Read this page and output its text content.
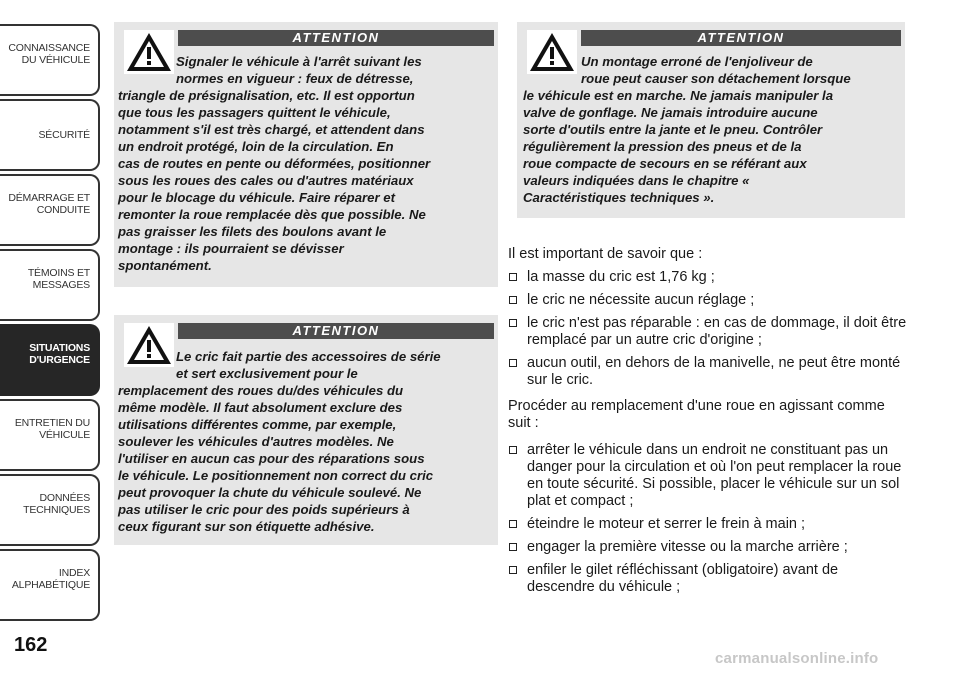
CONNAISSANCE
DU VÉHICULE
SÉCURITÉ
DÉMARRAGE ET
CONDUITE
TÉMOINS ET
MESSAGES
SITUATIONS
D'URGENCE
ENTRETIEN DU
VÉHICULE
DONNÉES
TECHNIQUES
INDEX
ALPHABÉTIQUE
162
ATTENTION
Signaler le véhicule à l'arrêt suivant les
normes en vigueur : feux de détresse,
triangle de présignalisation, etc. Il est opportun
que tous les passagers quittent le véhicule,
notamment s'il est très chargé, et attendent dans
un endroit protégé, loin de la circulation. En
cas de routes en pente ou déformées, positionner
sous les roues des cales ou d'autres matériaux
pour le blocage du véhicule. Faire réparer et
remonter la roue remplacée dès que possible. Ne
pas graisser les filets des boulons avant le
montage : ils pourraient se dévisser
spontanément.
ATTENTION
Le cric fait partie des accessoires de série
et sert exclusivement pour le
remplacement des roues du/des véhicules du
même modèle. Il faut absolument exclure des
utilisations différentes comme, par exemple,
soulever les véhicules d'autres modèles. Ne
l'utiliser en aucun cas pour des réparations sous
le véhicule. Le positionnement non correct du cric
peut provoquer la chute du véhicule soulevé. Ne
pas utiliser le cric pour des poids supérieurs à
ceux figurant sur son étiquette adhésive.
ATTENTION
Un montage erroné de l'enjoliveur de
roue peut causer son détachement lorsque
le véhicule est en marche. Ne jamais manipuler la
valve de gonflage. Ne jamais introduire aucune
sorte d'outils entre la jante et le pneu. Contrôler
régulièrement la pression des pneus et de la
roue compacte de secours en se référant aux
valeurs indiquées dans le chapitre «
Caractéristiques techniques ».
Il est important de savoir que :
la masse du cric est 1,76 kg ;
le cric ne nécessite aucun réglage ;
le cric n'est pas réparable : en cas de dommage, il doit être remplacé par un autre cric d'origine ;
aucun outil, en dehors de la manivelle, ne peut être monté sur le cric.
Procéder au remplacement d'une roue en agissant comme suit :
arrêter le véhicule dans un endroit ne constituant pas un danger pour la circulation et où l'on peut remplacer la roue en toute sécurité. Si possible, placer le véhicule sur un sol plat et compact ;
éteindre le moteur et serrer le frein à main ;
engager la première vitesse ou la marche arrière ;
enfiler le gilet réfléchissant (obligatoire) avant de descendre du véhicule ;
carmanualsonline.info
